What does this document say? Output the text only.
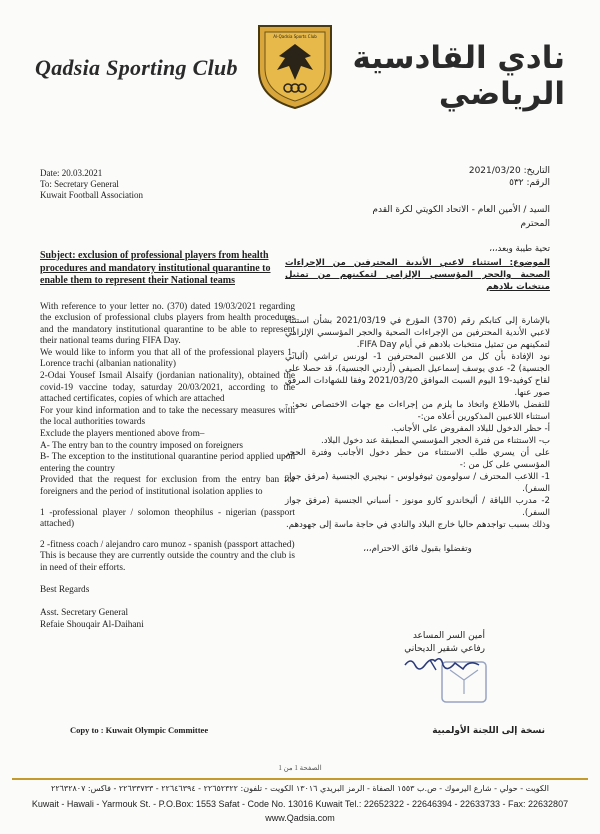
Qadsia Sporting Club
Al-Qadsia Sports Club
نادي القادسية الرياضي
Date: 20.03.2021
To: Secretary General
Kuwait Football Association
التاريخ: 2021/03/20
الرقم: ٥٣٢
السيد / الأمين العام - الاتحاد الكويتي لكرة القدم
المحترم

Subject: exclusion of professional players from health procedures and mandatory institutional quarantine to enable them to represent their National teams

With reference to your letter no. (370) dated 19/03/2021 regarding the exclusion of professional clubs players from health procedures and the mandatory institutional quarantine to be able to represent their national teams during FIFA Day.

We would like to inform you that all of the professional players 1- Lorence trachi (albanian nationality)

2-Odai Yousef Ismail Alsaify (jordanian nationality), obtained the covid-19 vaccine today, saturday 20/03/2021, according to the attached certificates, copies of which are attached

For your kind information and to take the necessary measures with the local authorities towards

Exclude the players mentioned above from–

A- The entry ban to the country imposed on foreigners

B- The exception to the institutional quarantine period applied upon entering the country

Provided that the request for exclusion from the entry ban for foreigners and the period of institutional isolation applies to

1 -professional player / solomon theophilus - nigerian (passport attached)

2 -fitness coach / alejandro caro munoz - spanish (passport attached)

This is because they are currently outside the country and the club is in need of their efforts.

Best Regards

Asst. Secretary General

Refaie Shouqair Al-Daihani

تحية طيبة وبعد،،،

الموضوع: استثناء لاعبي الأندية المحترفين من الإجراءات الصحية والحجر المؤسسي الإلزامي لتمكينهم من تمثيل منتخبات بلادهم

بالإشارة إلى كتابكم رقم (370) المؤرخ في 2021/03/19 بشأن استثناء لاعبي الأندية المحترفين من الإجراءات الصحية والحجر المؤسسي الإلزامي لتمكينهم من تمثيل منتخبات بلادهم في أيام FIFA Day.

نود الإفادة بأن كل من اللاعبين المحترفين 1- لورنس تراشي (ألباني الجنسية) 2- عدي يوسف إسماعيل الصيفي (أردني الجنسية)، قد حصلا على لقاح كوفيد-19 اليوم السبت الموافق 2021/03/20 وفقا للشهادات المرفق صور عنها.

للتفضل بالاطلاع واتخاذ ما يلزم من إجراءات مع جهات الاختصاص نحو: - استثناء اللاعبين المذكورين أعلاه من:-

أ- حظر الدخول للبلاد المفروض على الأجانب.

ب- الاستثناء من فترة الحجر المؤسسي المطبقة عند دخول البلاد.

على أن يسري طلب الاستثناء من حظر دخول الأجانب وفترة الحجر المؤسسي على كل من :-

1- اللاعب المحترف / سولومون ثيوفولوس - نيجيري الجنسية (مرفق جواز السفر).

2- مدرب اللياقة / أليخاندرو كارو مونوز - أسباني الجنسية (مرفق جواز السفر).

وذلك بسبب تواجدهم حاليا خارج البلاد والنادي في حاجة ماسة إلى جهودهم.

وتفضلوا بقبول فائق الاحترام،،،

أمين السر المساعد
رفاعي شقير الديحاني
Copy to : Kuwait Olympic Committee	نسخة إلى اللجنة الأولمبية
الصفحة 1 من 1
الكويت - حولي - شارع اليرموك - ص.ب ١٥٥٣ الصفاة - الرمز البريدي ١٣٠١٦ الكويت - تلفون: ٢٢٦٥٢٣٢٢ - ٢٢٦٤٦٣٩٤ - ٢٢٦٣٣٧٣٣ - فاكس: ٢٢٦٣٢٨٠٧
Kuwait - Hawali - Yarmouk St. - P.O.Box: 1553 Safat - Code No. 13016 Kuwait Tel.: 22652322 - 22646394 - 22633733 - Fax: 22632807
www.Qadsia.com
